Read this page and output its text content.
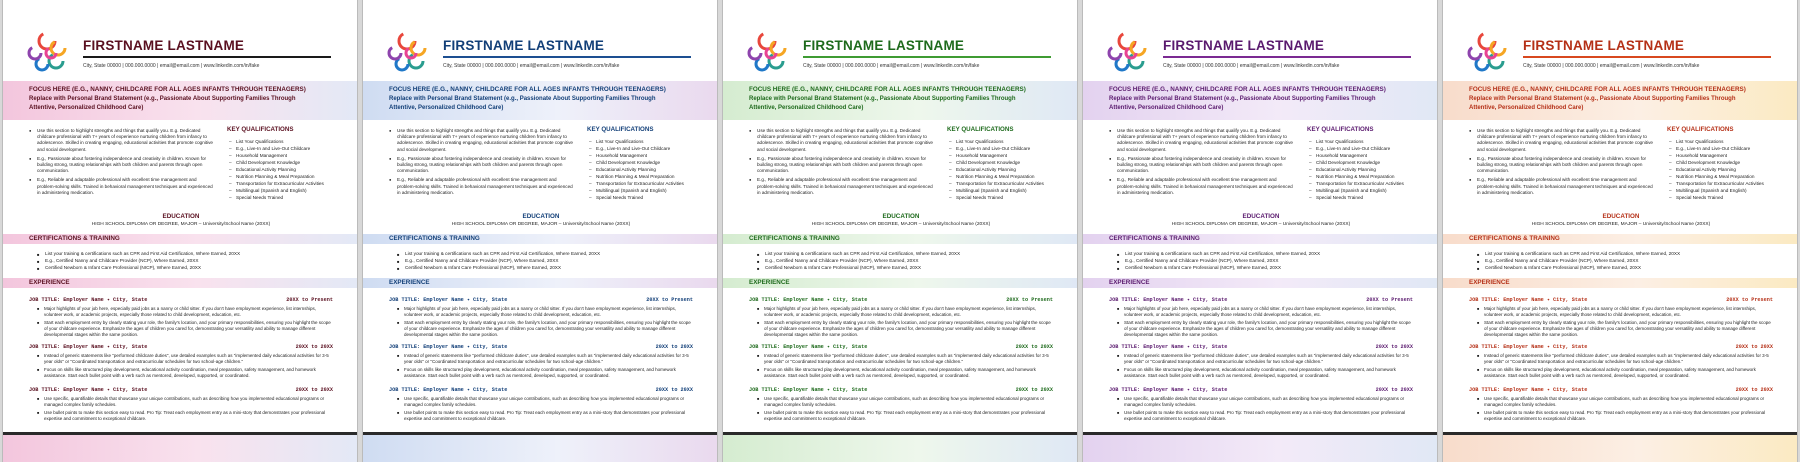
FIRSTNAME LASTNAME
City, State 00000 | 000.000.0000 | email@email.com | www.linkedin.com/in/fake
FOCUS HERE (E.G., NANNY, CHILDCARE FOR ALL AGES INFANTS THROUGH TEENAGERS)
Replace with Personal Brand Statement (e.g., Passionate About Supporting Families Through Attentive, Personalized Childhood Care)
● Use this section to highlight strengths and things that qualify you. E.g. Dedicated childcare professional with 7+ years of experience nurturing children from infancy to adolescence. Skilled in creating engaging, educational activities that promote cognitive and social development.
● E.g., Passionate about fostering independence and creativity in children. Known for building strong, trusting relationships with both children and parents through open communication.
● E.g., Reliable and adaptable professional with excellent time management and problem-solving skills. Trained in behavioral management techniques and experienced in administering medication.
KEY QUALIFICATIONS
– List Your Qualifications
– E.g., Live-In and Live-Out Childcare
– Household Management
– Child Development Knowledge
– Educational Activity Planning
– Nutrition Planning & Meal Preparation
– Transportation for Extracurricular Activities
– Multilingual (Spanish and English)
– Special Needs Trained
EDUCATION
HIGH SCHOOL DIPLOMA OR DEGREE, MAJOR – University/School Name (20XX)
CERTIFICATIONS & TRAINING
■ List your training & certifications such as CPR and First Aid Certification, Where Earned, 20XX
■ E.g., Certified Nanny and Childcare Provider (NCP), Where Earned, 20XX
■ Certified Newborn & Infant Care Professional (NICP), Where Earned, 20XX
EXPERIENCE
JOB TITLE: Employer Name ✦ City, State	20XX to Present
■ Major highlights of your job here, especially paid jobs as a nanny or child sitter. If you don't have employment experience, list internships, volunteer work, or academic projects, especially those related to child development, education, etc.
■ Start each employment entry by clearly stating your role, the family's location, and your primary responsibilities, ensuring you highlight the scope of your childcare experience. Emphasize the ages of children you cared for, demonstrating your versatility and ability to manage different developmental stages within the same position.
JOB TITLE: Employer Name ✦ City, State	20XX to 20XX
■ Instead of generic statements like "performed childcare duties", use detailed examples such as "implemented daily educational activities for 3-5 year olds" or "Coordinated transportation and extracurricular schedules for two school-age children."
■ Focus on skills like structured play development, educational activity coordination, meal preparation, safety management, and homework assistance. Start each bullet point with a verb such as mentored, developed, supported, or coordinated.
JOB TITLE: Employer Name ✦ City, State	20XX to 20XX
■ Use specific, quantifiable details that showcase your unique contributions, such as describing how you implemented educational programs or managed complex family schedules.
■ Use bullet points to make this section easy to read. Pro Tip: Treat each employment entry as a mini-story that demonstrates your professional expertise and commitment to exceptional childcare.
FIRSTNAME LASTNAME
City, State 00000 | 000.000.0000 | email@email.com | www.linkedin.com/in/fake
FOCUS HERE (E.G., NANNY, CHILDCARE FOR ALL AGES INFANTS THROUGH TEENAGERS)
Replace with Personal Brand Statement (e.g., Passionate About Supporting Families Through Attentive, Personalized Childhood Care)
● Use this section to highlight strengths and things that qualify you. E.g. Dedicated childcare professional with 7+ years of experience nurturing children from infancy to adolescence. Skilled in creating engaging, educational activities that promote cognitive and social development.
● E.g., Passionate about fostering independence and creativity in children. Known for building strong, trusting relationships with both children and parents through open communication.
● E.g., Reliable and adaptable professional with excellent time management and problem-solving skills. Trained in behavioral management techniques and experienced in administering medication.
KEY QUALIFICATIONS
– List Your Qualifications
– E.g., Live-In and Live-Out Childcare
– Household Management
– Child Development Knowledge
– Educational Activity Planning
– Nutrition Planning & Meal Preparation
– Transportation for Extracurricular Activities
– Multilingual (Spanish and English)
– Special Needs Trained
EDUCATION
HIGH SCHOOL DIPLOMA OR DEGREE, MAJOR – University/School Name (20XX)
CERTIFICATIONS & TRAINING
■ List your training & certifications such as CPR and First Aid Certification, Where Earned, 20XX
■ E.g., Certified Nanny and Childcare Provider (NCP), Where Earned, 20XX
■ Certified Newborn & Infant Care Professional (NICP), Where Earned, 20XX
EXPERIENCE
JOB TITLE: Employer Name ✦ City, State	20XX to Present
■ Major highlights of your job here, especially paid jobs as a nanny or child sitter. If you don't have employment experience, list internships, volunteer work, or academic projects, especially those related to child development, education, etc.
■ Start each employment entry by clearly stating your role, the family's location, and your primary responsibilities, ensuring you highlight the scope of your childcare experience. Emphasize the ages of children you cared for, demonstrating your versatility and ability to manage different developmental stages within the same position.
JOB TITLE: Employer Name ✦ City, State	20XX to 20XX
■ Instead of generic statements like "performed childcare duties", use detailed examples such as "implemented daily educational activities for 3-5 year olds" or "Coordinated transportation and extracurricular schedules for two school-age children."
■ Focus on skills like structured play development, educational activity coordination, meal preparation, safety management, and homework assistance. Start each bullet point with a verb such as mentored, developed, supported, or coordinated.
JOB TITLE: Employer Name ✦ City, State	20XX to 20XX
■ Use specific, quantifiable details that showcase your unique contributions, such as describing how you implemented educational programs or managed complex family schedules.
■ Use bullet points to make this section easy to read. Pro Tip: Treat each employment entry as a mini-story that demonstrates your professional expertise and commitment to exceptional childcare.
FIRSTNAME LASTNAME
City, State 00000 | 000.000.0000 | email@email.com | www.linkedin.com/in/fake
FOCUS HERE (E.G., NANNY, CHILDCARE FOR ALL AGES INFANTS THROUGH TEENAGERS)
Replace with Personal Brand Statement (e.g., Passionate About Supporting Families Through Attentive, Personalized Childhood Care)
● Use this section to highlight strengths and things that qualify you. E.g. Dedicated childcare professional with 7+ years of experience nurturing children from infancy to adolescence. Skilled in creating engaging, educational activities that promote cognitive and social development.
● E.g., Passionate about fostering independence and creativity in children. Known for building strong, trusting relationships with both children and parents through open communication.
● E.g., Reliable and adaptable professional with excellent time management and problem-solving skills. Trained in behavioral management techniques and experienced in administering medication.
KEY QUALIFICATIONS
– List Your Qualifications
– E.g., Live-In and Live-Out Childcare
– Household Management
– Child Development Knowledge
– Educational Activity Planning
– Nutrition Planning & Meal Preparation
– Transportation for Extracurricular Activities
– Multilingual (Spanish and English)
– Special Needs Trained
EDUCATION
HIGH SCHOOL DIPLOMA OR DEGREE, MAJOR – University/School Name (20XX)
CERTIFICATIONS & TRAINING
■ List your training & certifications such as CPR and First Aid Certification, Where Earned, 20XX
■ E.g., Certified Nanny and Childcare Provider (NCP), Where Earned, 20XX
■ Certified Newborn & Infant Care Professional (NICP), Where Earned, 20XX
EXPERIENCE
JOB TITLE: Employer Name ✦ City, State	20XX to Present
■ Major highlights of your job here, especially paid jobs as a nanny or child sitter. If you don't have employment experience, list internships, volunteer work, or academic projects, especially those related to child development, education, etc.
■ Start each employment entry by clearly stating your role, the family's location, and your primary responsibilities, ensuring you highlight the scope of your childcare experience. Emphasize the ages of children you cared for, demonstrating your versatility and ability to manage different developmental stages within the same position.
JOB TITLE: Employer Name ✦ City, State	20XX to 20XX
■ Instead of generic statements like "performed childcare duties", use detailed examples such as "implemented daily educational activities for 3-5 year olds" or "Coordinated transportation and extracurricular schedules for two school-age children."
■ Focus on skills like structured play development, educational activity coordination, meal preparation, safety management, and homework assistance. Start each bullet point with a verb such as mentored, developed, supported, or coordinated.
JOB TITLE: Employer Name ✦ City, State	20XX to 20XX
■ Use specific, quantifiable details that showcase your unique contributions, such as describing how you implemented educational programs or managed complex family schedules.
■ Use bullet points to make this section easy to read. Pro Tip: Treat each employment entry as a mini-story that demonstrates your professional expertise and commitment to exceptional childcare.
FIRSTNAME LASTNAME
City, State 00000 | 000.000.0000 | email@email.com | www.linkedin.com/in/fake
FOCUS HERE (E.G., NANNY, CHILDCARE FOR ALL AGES INFANTS THROUGH TEENAGERS)
Replace with Personal Brand Statement (e.g., Passionate About Supporting Families Through Attentive, Personalized Childhood Care)
● Use this section to highlight strengths and things that qualify you. E.g. Dedicated childcare professional with 7+ years of experience nurturing children from infancy to adolescence. Skilled in creating engaging, educational activities that promote cognitive and social development.
● E.g., Passionate about fostering independence and creativity in children. Known for building strong, trusting relationships with both children and parents through open communication.
● E.g., Reliable and adaptable professional with excellent time management and problem-solving skills. Trained in behavioral management techniques and experienced in administering medication.
KEY QUALIFICATIONS
– List Your Qualifications
– E.g., Live-In and Live-Out Childcare
– Household Management
– Child Development Knowledge
– Educational Activity Planning
– Nutrition Planning & Meal Preparation
– Transportation for Extracurricular Activities
– Multilingual (Spanish and English)
– Special Needs Trained
EDUCATION
HIGH SCHOOL DIPLOMA OR DEGREE, MAJOR – University/School Name (20XX)
CERTIFICATIONS & TRAINING
■ List your training & certifications such as CPR and First Aid Certification, Where Earned, 20XX
■ E.g., Certified Nanny and Childcare Provider (NCP), Where Earned, 20XX
■ Certified Newborn & Infant Care Professional (NICP), Where Earned, 20XX
EXPERIENCE
JOB TITLE: Employer Name ✦ City, State	20XX to Present
■ Major highlights of your job here, especially paid jobs as a nanny or child sitter. If you don't have employment experience, list internships, volunteer work, or academic projects, especially those related to child development, education, etc.
■ Start each employment entry by clearly stating your role, the family's location, and your primary responsibilities, ensuring you highlight the scope of your childcare experience. Emphasize the ages of children you cared for, demonstrating your versatility and ability to manage different developmental stages within the same position.
JOB TITLE: Employer Name ✦ City, State	20XX to 20XX
■ Instead of generic statements like "performed childcare duties", use detailed examples such as "implemented daily educational activities for 3-5 year olds" or "Coordinated transportation and extracurricular schedules for two school-age children."
■ Focus on skills like structured play development, educational activity coordination, meal preparation, safety management, and homework assistance. Start each bullet point with a verb such as mentored, developed, supported, or coordinated.
JOB TITLE: Employer Name ✦ City, State	20XX to 20XX
■ Use specific, quantifiable details that showcase your unique contributions, such as describing how you implemented educational programs or managed complex family schedules.
■ Use bullet points to make this section easy to read. Pro Tip: Treat each employment entry as a mini-story that demonstrates your professional expertise and commitment to exceptional childcare.
FIRSTNAME LASTNAME
City, State 00000 | 000.000.0000 | email@email.com | www.linkedin.com/in/fake
FOCUS HERE (E.G., NANNY, CHILDCARE FOR ALL AGES INFANTS THROUGH TEENAGERS)
Replace with Personal Brand Statement (e.g., Passionate About Supporting Families Through Attentive, Personalized Childhood Care)
● Use this section to highlight strengths and things that qualify you. E.g. Dedicated childcare professional with 7+ years of experience nurturing children from infancy to adolescence. Skilled in creating engaging, educational activities that promote cognitive and social development.
● E.g., Passionate about fostering independence and creativity in children. Known for building strong, trusting relationships with both children and parents through open communication.
● E.g., Reliable and adaptable professional with excellent time management and problem-solving skills. Trained in behavioral management techniques and experienced in administering medication.
KEY QUALIFICATIONS
– List Your Qualifications
– E.g., Live-In and Live-Out Childcare
– Household Management
– Child Development Knowledge
– Educational Activity Planning
– Nutrition Planning & Meal Preparation
– Transportation for Extracurricular Activities
– Multilingual (Spanish and English)
– Special Needs Trained
EDUCATION
HIGH SCHOOL DIPLOMA OR DEGREE, MAJOR – University/School Name (20XX)
CERTIFICATIONS & TRAINING
■ List your training & certifications such as CPR and First Aid Certification, Where Earned, 20XX
■ E.g., Certified Nanny and Childcare Provider (NCP), Where Earned, 20XX
■ Certified Newborn & Infant Care Professional (NICP), Where Earned, 20XX
EXPERIENCE
JOB TITLE: Employer Name ✦ City, State	20XX to Present
■ Major highlights of your job here, especially paid jobs as a nanny or child sitter. If you don't have employment experience, list internships, volunteer work, or academic projects, especially those related to child development, education, etc.
■ Start each employment entry by clearly stating your role, the family's location, and your primary responsibilities, ensuring you highlight the scope of your childcare experience. Emphasize the ages of children you cared for, demonstrating your versatility and ability to manage different developmental stages within the same position.
JOB TITLE: Employer Name ✦ City, State	20XX to 20XX
■ Instead of generic statements like "performed childcare duties", use detailed examples such as "implemented daily educational activities for 3-5 year olds" or "Coordinated transportation and extracurricular schedules for two school-age children."
■ Focus on skills like structured play development, educational activity coordination, meal preparation, safety management, and homework assistance. Start each bullet point with a verb such as mentored, developed, supported, or coordinated.
JOB TITLE: Employer Name ✦ City, State	20XX to 20XX
■ Use specific, quantifiable details that showcase your unique contributions, such as describing how you implemented educational programs or managed complex family schedules.
■ Use bullet points to make this section easy to read. Pro Tip: Treat each employment entry as a mini-story that demonstrates your professional expertise and commitment to exceptional childcare.
